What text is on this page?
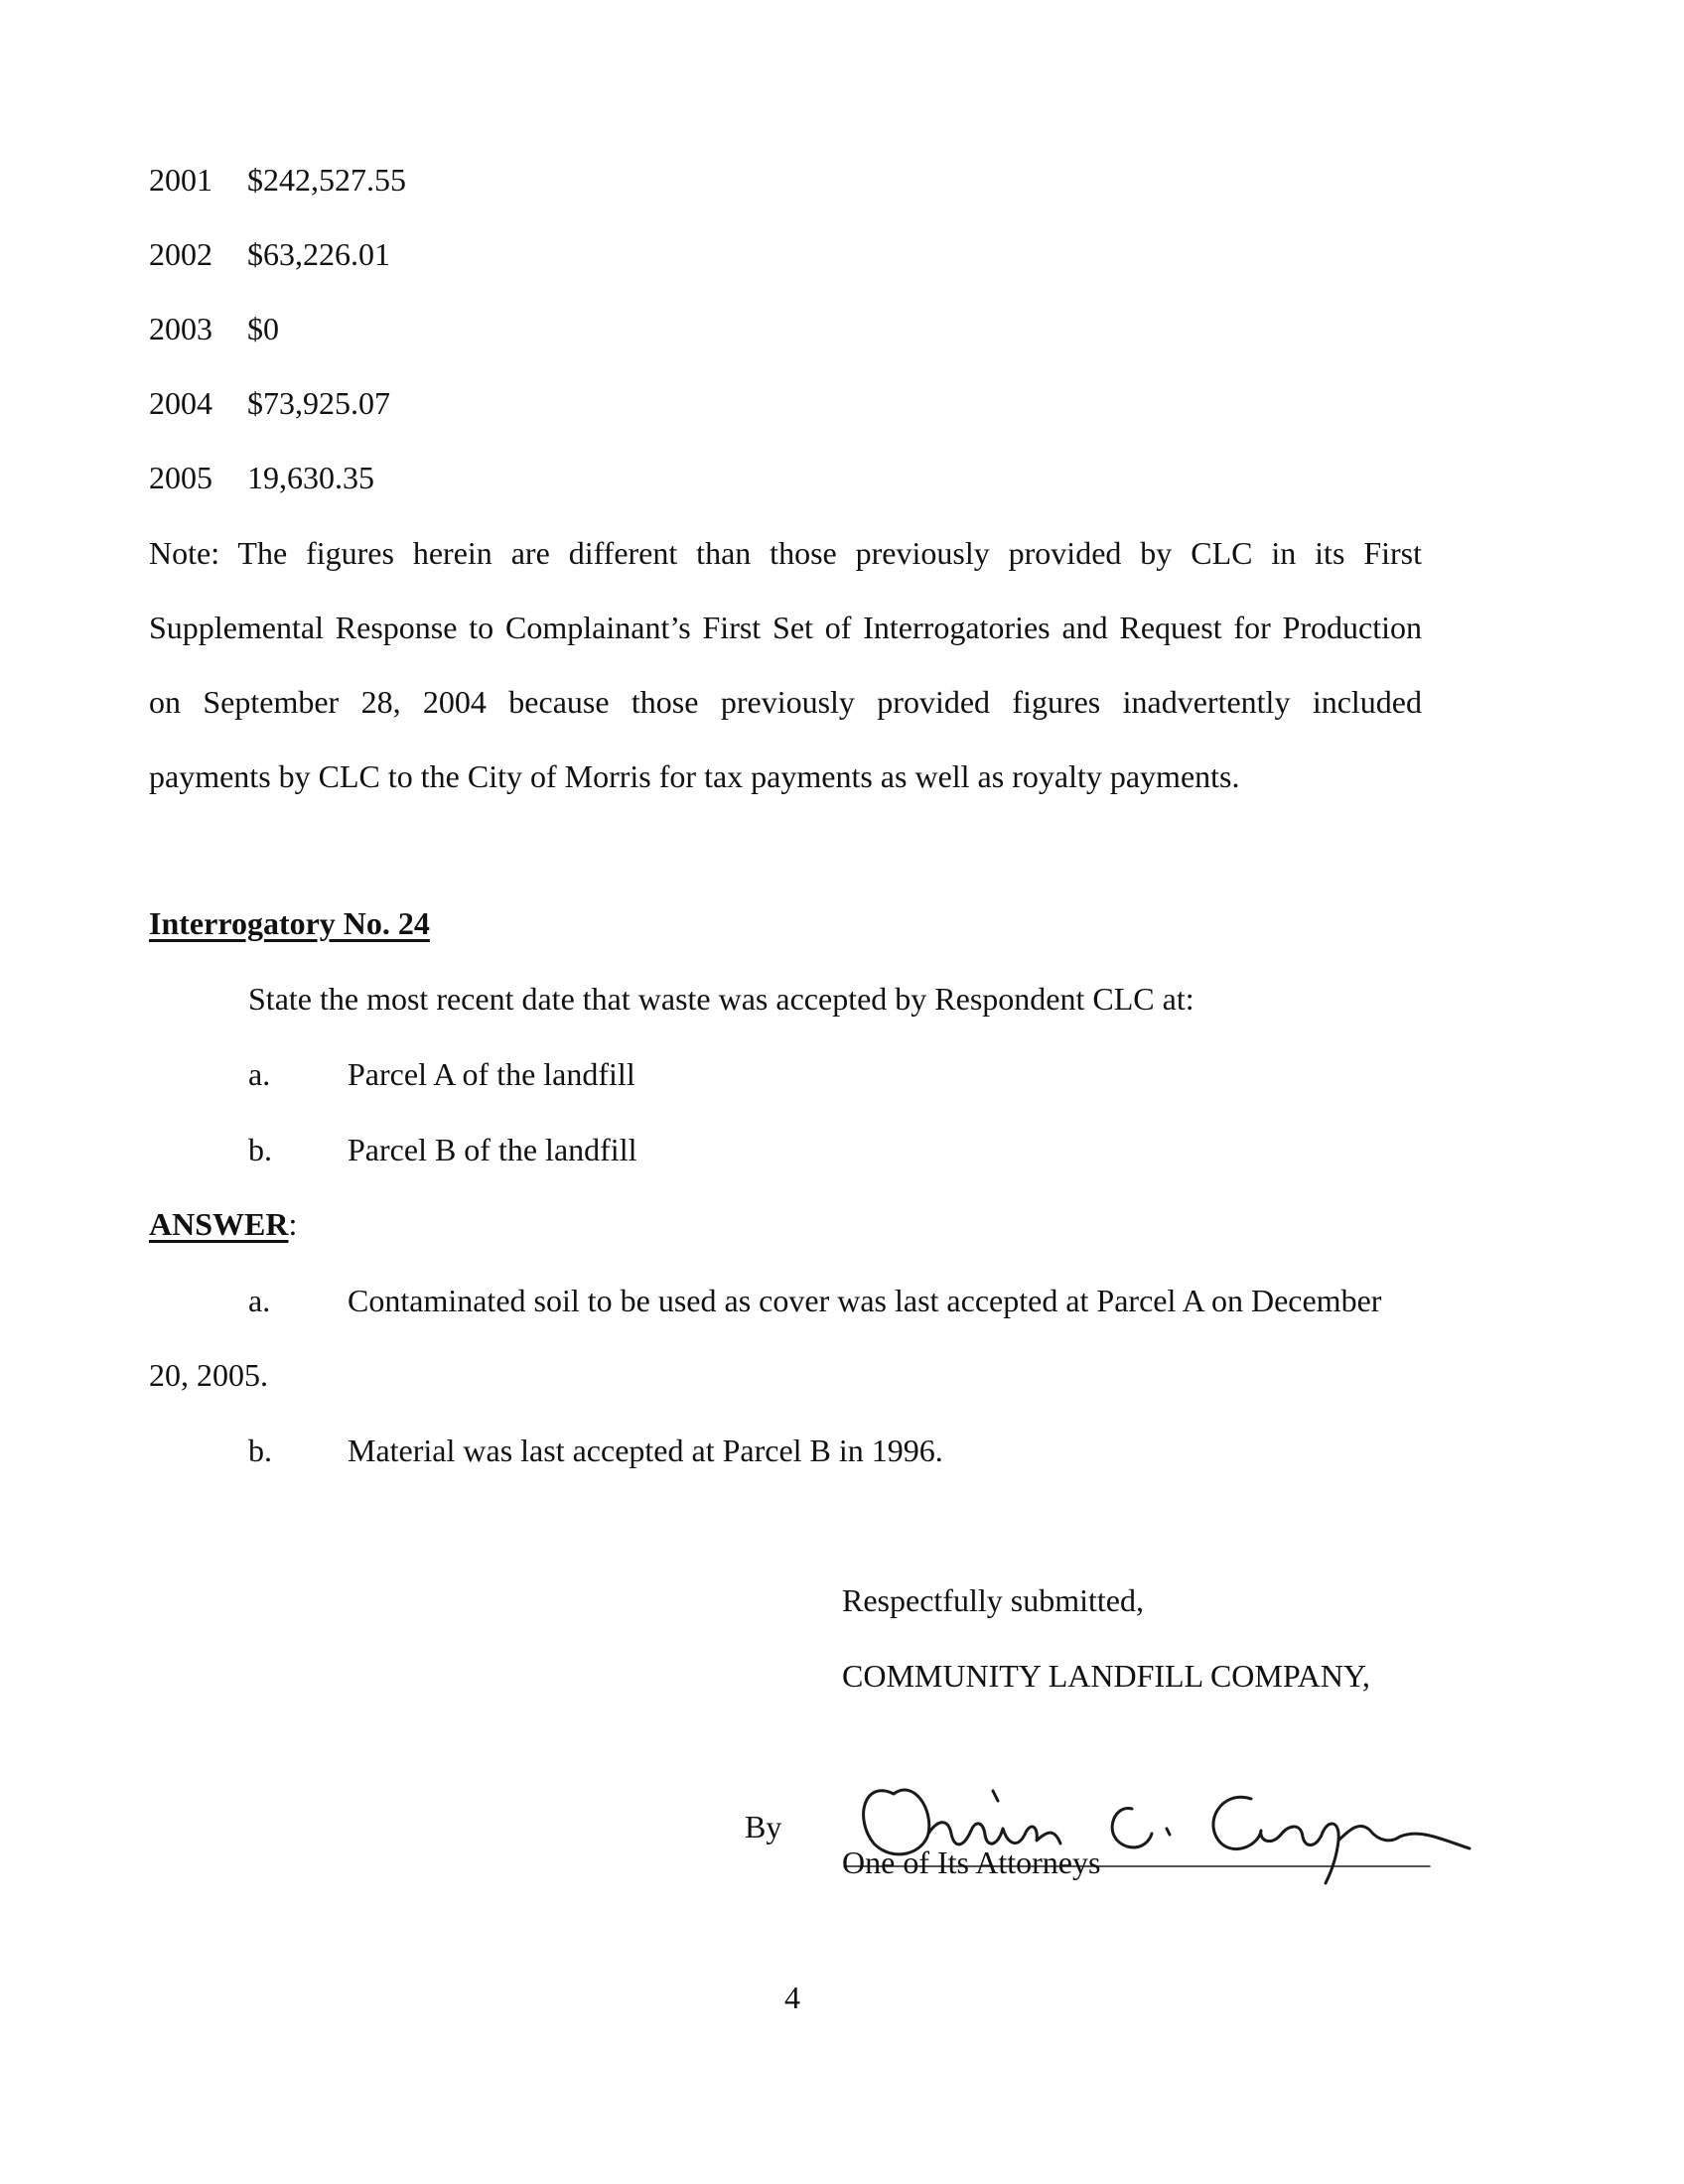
2001 $242,527.55
2002 $63,226.01
2003 $0
2004 $73,925.07
2005 19,630.35
Note: The figures herein are different than those previously provided by CLC in its First
Supplemental Response to Complainant’s First Set of Interrogatories and Request for Production
on September 28, 2004 because those previously provided figures inadvertently included
payments by CLC to the City of Morris for tax payments as well as royalty payments.
Interrogatory No. 24
State the most recent date that waste was accepted by Respondent CLC at:
a. Parcel A of the landfill
b. Parcel B of the landfill
ANSWER:
a. Contaminated soil to be used as cover was last accepted at Parcel A on December
20, 2005.
b. Material was last accepted at Parcel B in 1996.
Respectfully submitted,
COMMUNITY LANDFILL COMPANY,
By
One of Its Attorneys
4
